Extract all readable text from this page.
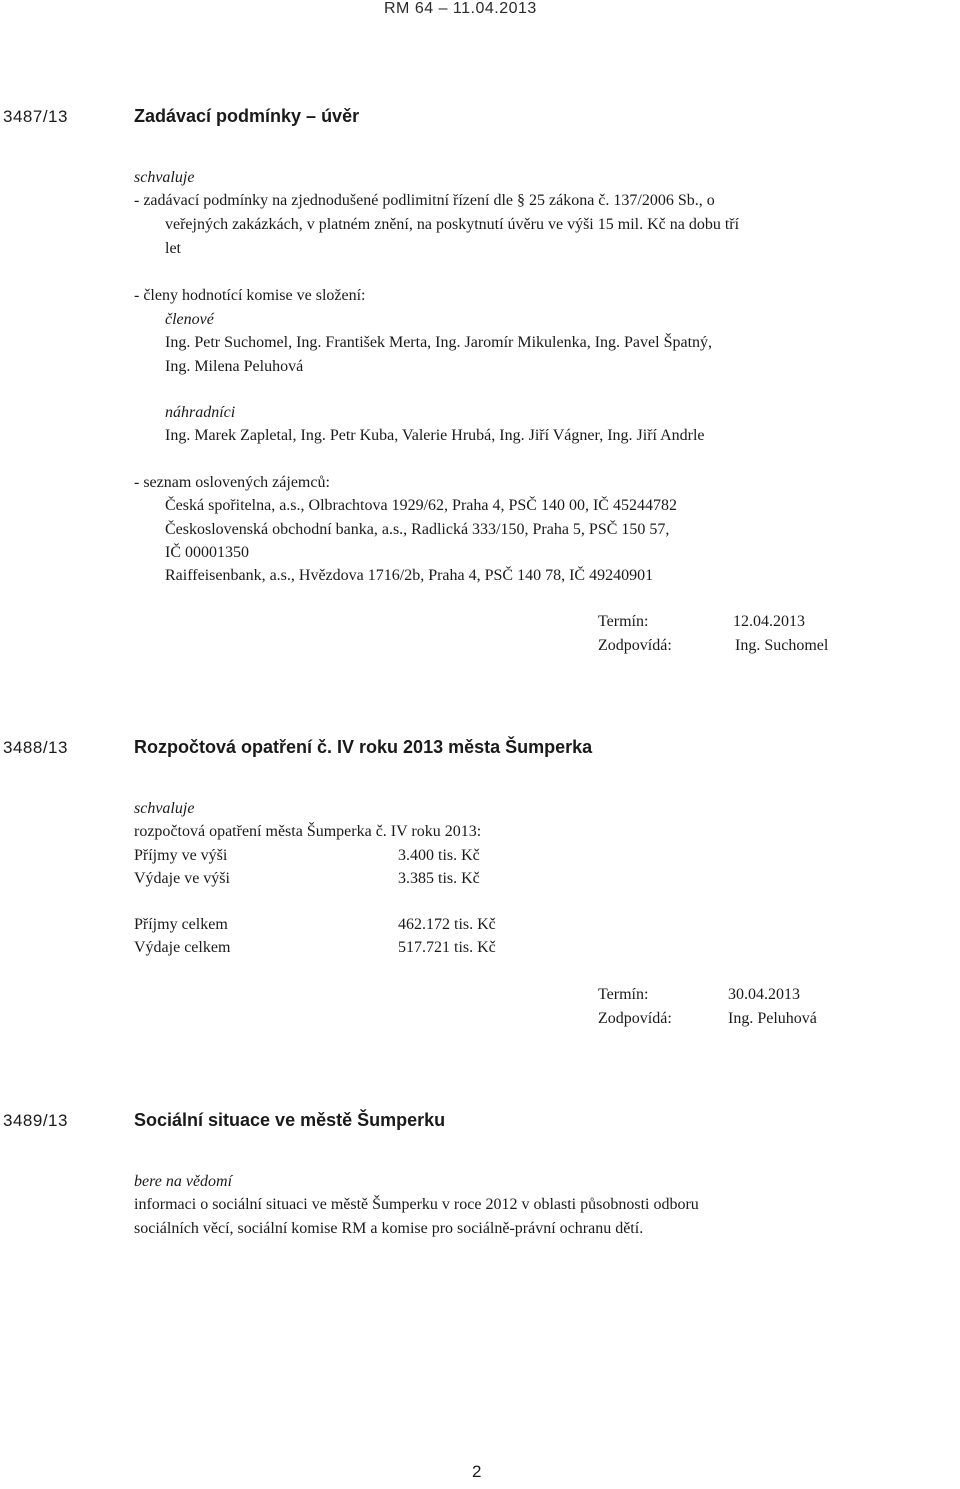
RM 64 – 11.04.2013
3487/13	Zadávací podmínky – úvěr
schvaluje
- zadávací podmínky na zjednodušené podlimitní řízení dle § 25 zákona č. 137/2006 Sb., o
veřejných zakázkách, v platném znění, na poskytnutí úvěru ve výši 15 mil. Kč na dobu tří
let
- členy hodnotící komise ve složení:
členové
Ing. Petr Suchomel, Ing. František Merta, Ing. Jaromír Mikulenka, Ing. Pavel Špatný,
Ing. Milena Peluhová
náhradníci
Ing. Marek Zapletal, Ing. Petr Kuba, Valerie Hrubá, Ing. Jiří Vágner, Ing. Jiří Andrle
- seznam oslovených zájemců:
Česká spořitelna, a.s., Olbrachtova 1929/62, Praha 4, PSČ 140 00, IČ 45244782
Československá obchodní banka, a.s., Radlická 333/150, Praha 5, PSČ 150 57,
IČ 00001350
Raiffeisenbank, a.s., Hvězdova 1716/2b, Praha 4, PSČ 140 78, IČ 49240901
Termín:	12.04.2013
Zodpovídá:	Ing. Suchomel
3488/13	Rozpočtová opatření č. IV roku 2013 města Šumperka
schvaluje
rozpočtová opatření města Šumperka č. IV roku 2013:
Příjmy ve výši	3.400 tis. Kč
Výdaje ve výši	3.385 tis. Kč
Příjmy celkem	462.172 tis. Kč
Výdaje celkem	517.721 tis. Kč
Termín:	30.04.2013
Zodpovídá:	Ing. Peluhová
3489/13	Sociální situace ve městě Šumperku
bere na vědomí
informaci o sociální situaci ve městě Šumperku v roce 2012 v oblasti působnosti odboru
sociálních věcí, sociální komise RM a komise pro sociálně-právní ochranu dětí.
2
